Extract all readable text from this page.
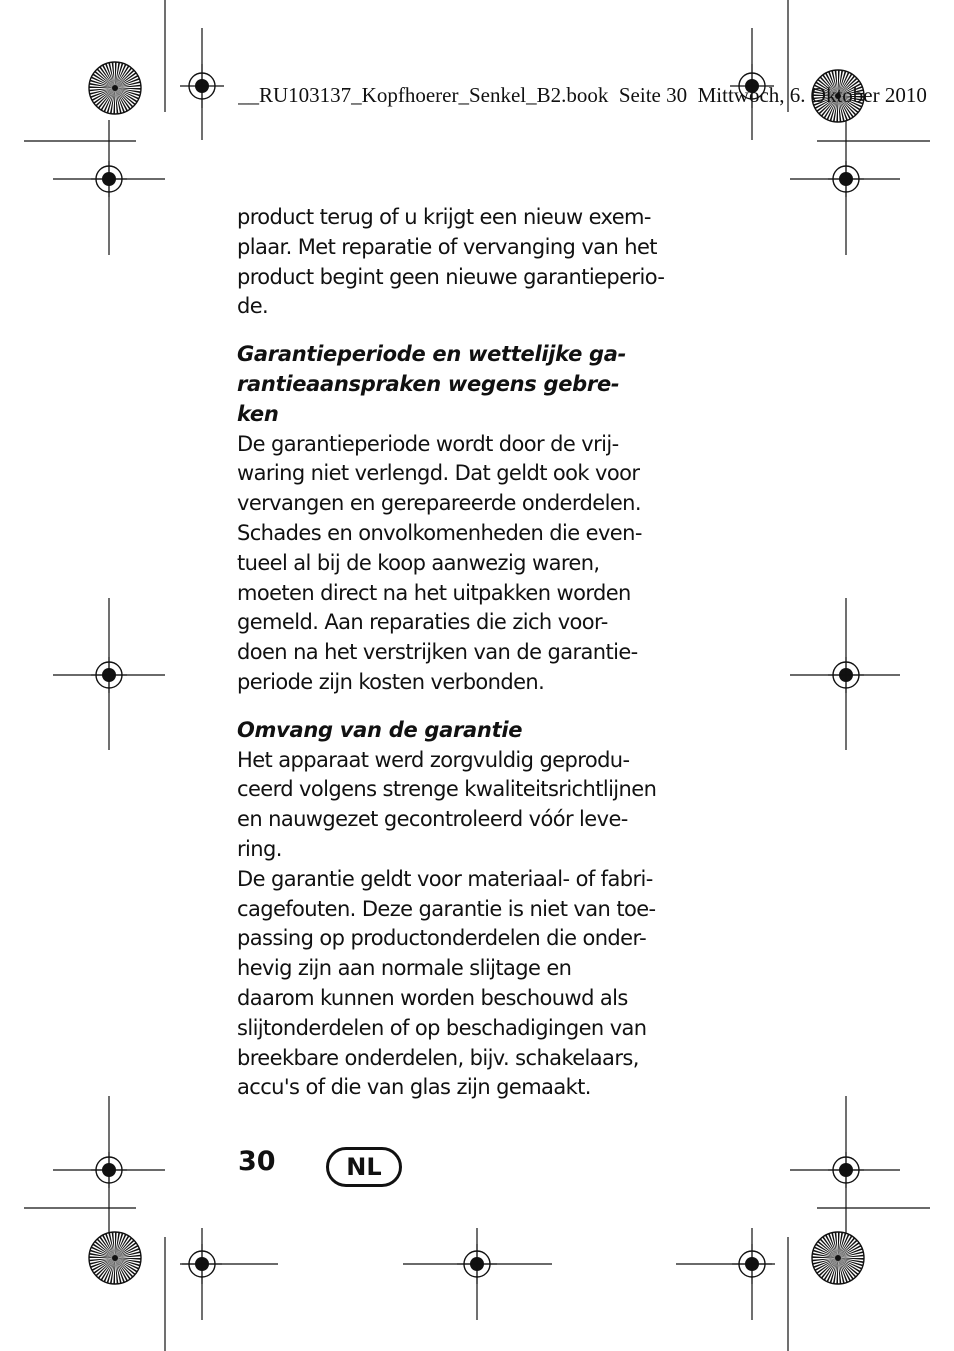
__RU103137_Kopfhoerer_Senkel_B2.book  Seite 30  Mittwoch, 6. Oktober 2010

product terug of u krijgt een nieuw exem-
plaar. Met reparatie of vervanging van het
product begint geen nieuwe garantieperio-
de.

Garantieperiode en wettelijke ga-
rantieaanspraken wegens gebre-
ken

De garantieperiode wordt door de vrij-
waring niet verlengd. Dat geldt ook voor
vervangen en gerepareerde onderdelen.
Schades en onvolkomenheden die even-
tueel al bij de koop aanwezig waren,
moeten direct na het uitpakken worden
gemeld. Aan reparaties die zich voor-
doen na het verstrijken van de garantie-
periode zijn kosten verbonden.

Omvang van de garantie

Het apparaat werd zorgvuldig geprodu-
ceerd volgens strenge kwaliteitsrichtlijnen
en nauwgezet gecontroleerd vóór leve-
ring.

De garantie geldt voor materiaal- of fabri-
cagefouten. Deze garantie is niet van toe-
passing op productonderdelen die onder-
hevig zijn aan normale slijtage en
daarom kunnen worden beschouwd als
slijtonderdelen of op beschadigingen van
breekbare onderdelen, bijv. schakelaars,
accu's of die van glas zijn gemaakt.

30	NL
